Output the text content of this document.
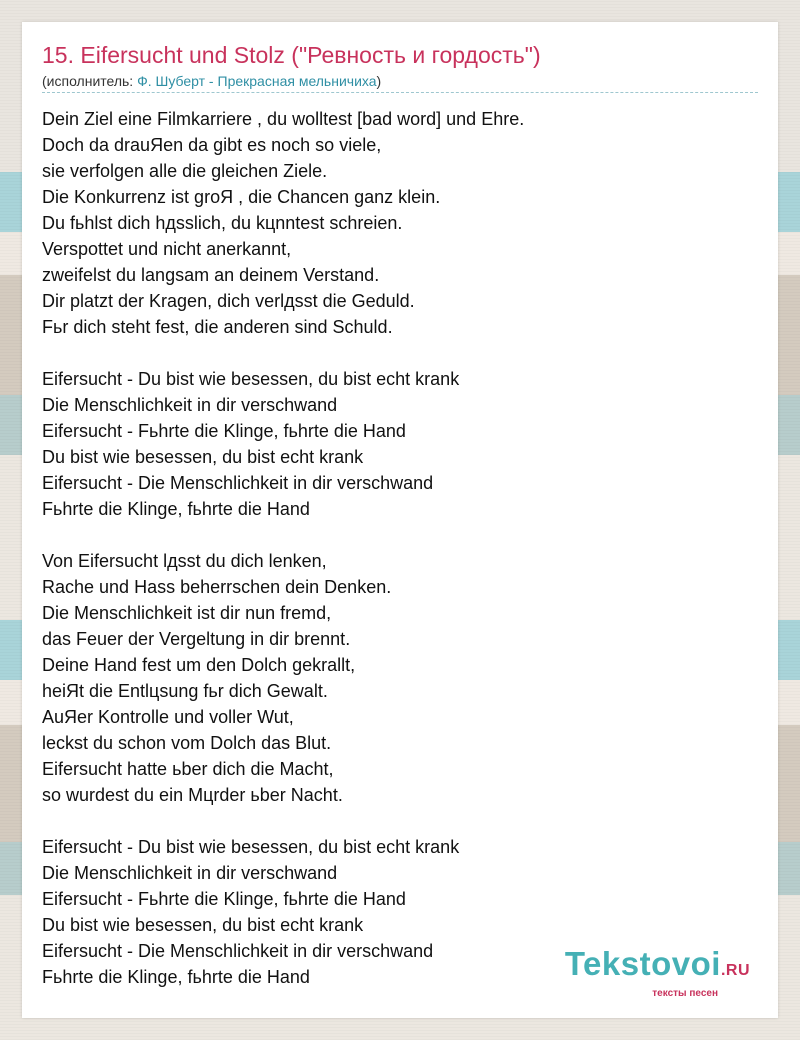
15. Eifersucht und Stolz ("Ревность и гордость")
(исполнитель: Ф. Шуберт - Прекрасная мельничиха)
Dein Ziel eine Filmkarriere , du wolltest [bad word] und Ehre.
Doch da drauЯen da gibt es noch so viele,
sie verfolgen alle die gleichen Ziele.
Die Konkurrenz ist groЯ , die Chancen ganz klein.
Du fьhlst dich hдsslich, du kцnntest schreien.
Verspottet und nicht anerkannt,
zweifelst du langsam an deinem Verstand.
Dir platzt der Kragen, dich verlдsst die Geduld.
Fьr dich steht fest, die anderen sind Schuld.
Eifersucht - Du bist wie besessen, du bist echt krank
Die Menschlichkeit in dir verschwand
Eifersucht - Fьhrte die Klinge, fьhrte die Hand
Du bist wie besessen, du bist echt krank
Eifersucht - Die Menschlichkeit in dir verschwand
Fьhrte die Klinge, fьhrte die Hand
Von Eifersucht lдsst du dich lenken,
Rache und Hass beherrschen dein Denken.
Die Menschlichkeit ist dir nun fremd,
das Feuer der Vergeltung in dir brennt.
Deine Hand fest um den Dolch gekrallt,
heiЯt die Entlцsung fьr dich Gewalt.
AuЯer Kontrolle und voller Wut,
leckst du schon vom Dolch das Blut.
Eifersucht hatte ьber dich die Macht,
so wurdest du ein Mцrder ьber Nacht.
Eifersucht - Du bist wie besessen, du bist echt krank
Die Menschlichkeit in dir verschwand
Eifersucht - Fьhrte die Klinge, fьhrte die Hand
Du bist wie besessen, du bist echt krank
Eifersucht - Die Menschlichkeit in dir verschwand
Fьhrte die Klinge, fьhrte die Hand	Tekstovoi.RU
тексты песен
